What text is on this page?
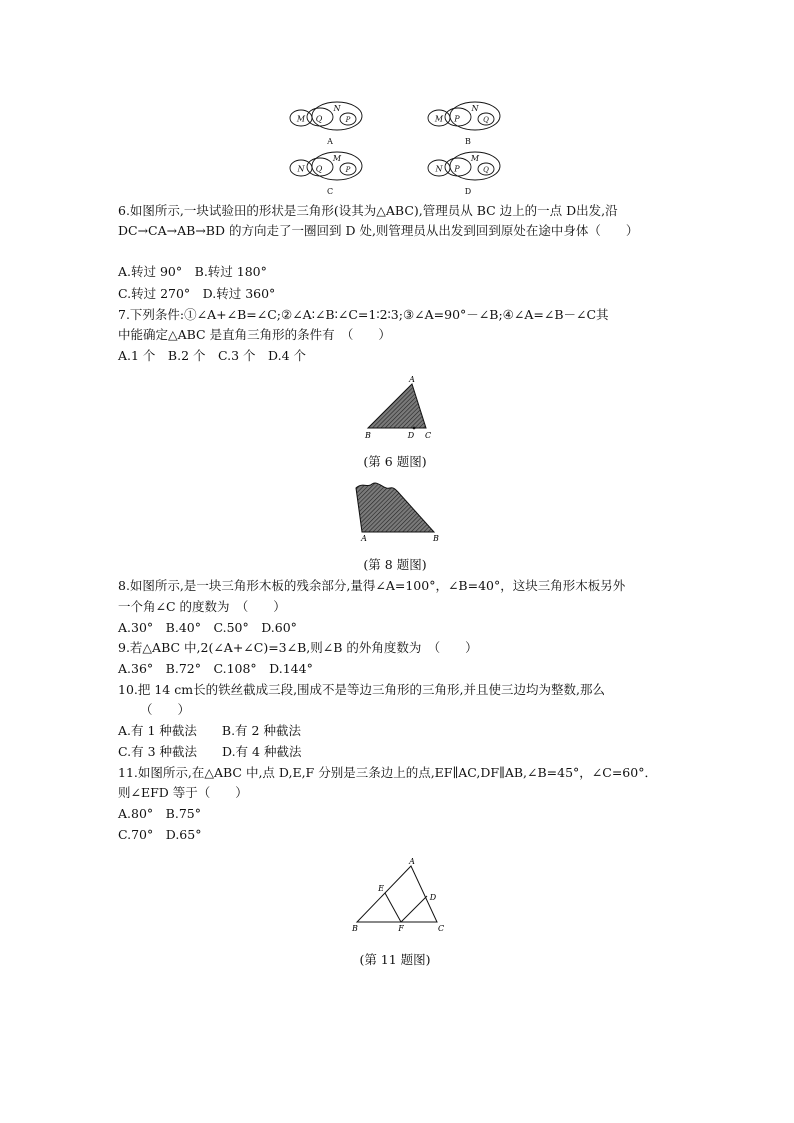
M Q
N
P
A
M P
N
Q
B
N Q
M
P
C
N P
M
Q
D
6.如图所示,一块试验田的形状是三角形(设其为△ABC),管理员从 BC 边上的一点 D出发,沿
DC→CA→AB→BD 的方向走了一圈回到 D 处,则管理员从出发到回到原处在途中身体（　　）
A.转过 90°　B.转过 180°
C.转过 270°　D.转过 360°
7.下列条件:①∠A+∠B=∠C;②∠A∶∠B∶∠C=1∶2∶3;③∠A=90°－∠B;④∠A=∠B－∠C其
中能确定△ABC 是直角三角形的条件有　（　　）
A.1 个　B.2 个　C.3 个　D.4 个
A
B	D C
(第 6 题图)
A	B
(第 8 题图)
8.如图所示,是一块三角形木板的残余部分,量得∠A=100°，∠B=40°，这块三角形木板另外
一个角∠C 的度数为　（　　）
A.30°　B.40°　C.50°　D.60°
9.若△ABC 中,2(∠A+∠C)=3∠B,则∠B 的外角度数为　（　　）
A.36°　B.72°　C.108°　D.144°
10.把 14 cm长的铁丝截成三段,围成不是等边三角形的三角形,并且使三边均为整数,那么
（　　）
A.有 1 种截法　　B.有 2 种截法
C.有 3 种截法　　D.有 4 种截法
11.如图所示,在△ABC 中,点 D,E,F 分别是三条边上的点,EF∥AC,DF∥AB,∠B=45°，∠C=60°．
则∠EFD 等于（　　）
A.80°　B.75°
C.70°　D.65°
A
E
D
B	F	C
(第 11 题图)
